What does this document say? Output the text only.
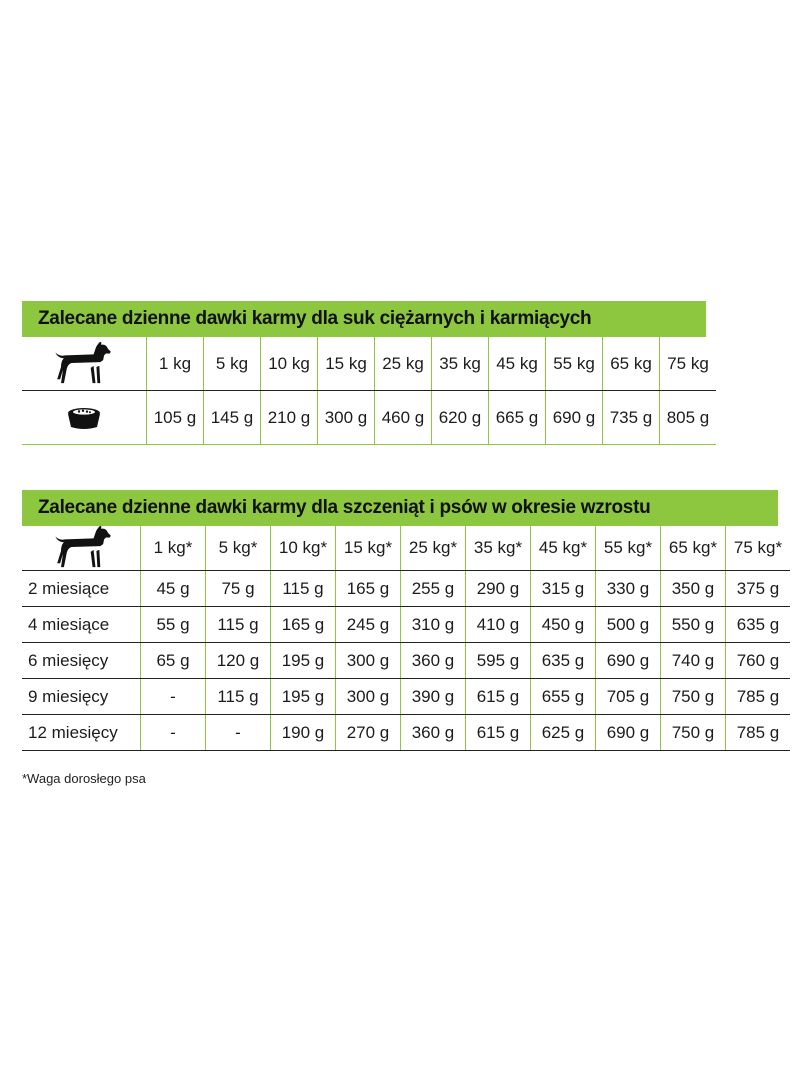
Zalecane dzienne dawki karmy dla suk ciężarnych i karmiących
	1 kg	5 kg	10 kg	15 kg	25 kg	35 kg	45 kg	55 kg	65 kg	75 kg

	105 g	145 g	210 g	300 g	460 g	620 g	665 g	690 g	735 g	805 g
Zalecane dzienne dawki karmy dla szczeniąt i psów w okresie wzrostu
	1 kg*	5 kg*	10 kg*	15 kg*	25 kg*	35 kg*	45 kg*	55 kg*	65 kg*	75 kg*
2 miesiące	45 g	75 g	115 g	165 g	255 g	290 g	315 g	330 g	350 g	375 g
4 miesiące	55 g	115 g	165 g	245 g	310 g	410 g	450 g	500 g	550 g	635 g
6 miesięcy	65 g	120 g	195 g	300 g	360 g	595 g	635 g	690 g	740 g	760 g
9 miesięcy	-	115 g	195 g	300 g	390 g	615 g	655 g	705 g	750 g	785 g
12 miesięcy	-	-	190 g	270 g	360 g	615 g	625 g	690 g	750 g	785 g
*Waga dorosłego psa
